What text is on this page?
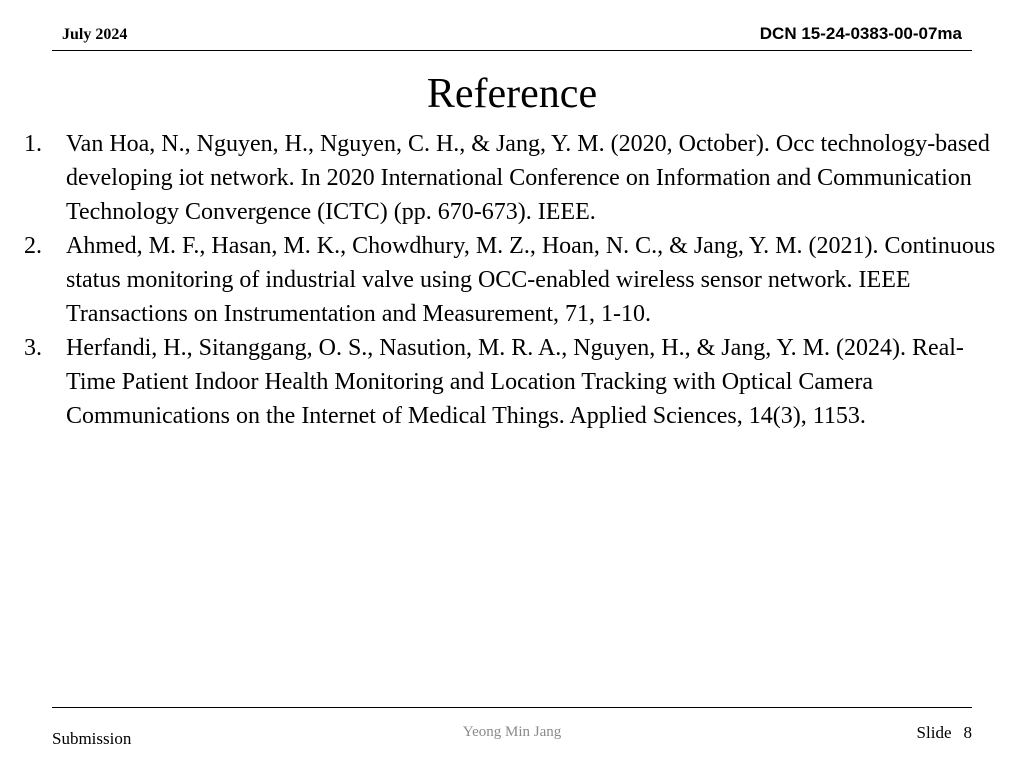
July 2024	DCN 15-24-0383-00-07ma
Reference
1.	Van Hoa, N., Nguyen, H., Nguyen, C. H., & Jang, Y. M. (2020, October). Occ technology-based developing iot network. In 2020 International Conference on Information and Communication Technology Convergence (ICTC) (pp. 670-673). IEEE.
2.	Ahmed, M. F., Hasan, M. K., Chowdhury, M. Z., Hoan, N. C., & Jang, Y. M. (2021). Continuous status monitoring of industrial valve using OCC-enabled wireless sensor network. IEEE Transactions on Instrumentation and Measurement, 71, 1-10.
3.	Herfandi, H., Sitanggang, O. S., Nasution, M. R. A., Nguyen, H., & Jang, Y. M. (2024). Real-Time Patient Indoor Health Monitoring and Location Tracking with Optical Camera Communications on the Internet of Medical Things. Applied Sciences, 14(3), 1153.
Submission	Yeong Min Jang	Slide 8
